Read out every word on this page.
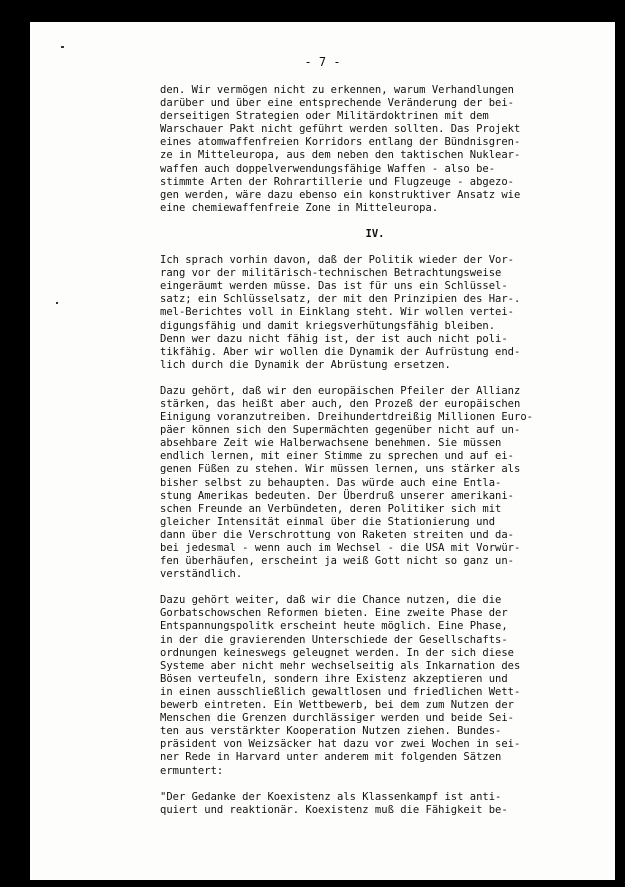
- 7 -
den. Wir vermögen nicht zu erkennen, warum Verhandlungen
darüber und über eine entsprechende Veränderung der bei-
derseitigen Strategien oder Militärdoktrinen mit dem
Warschauer Pakt nicht geführt werden sollten. Das Projekt
eines atomwaffenfreien Korridors entlang der Bündnisgren-
ze in Mitteleuropa, aus dem neben den taktischen Nuklear-
waffen auch doppelverwendungsfähige Waffen - also be-
stimmte Arten der Rohrartillerie und Flugzeuge - abgezo-
gen werden, wäre dazu ebenso ein konstruktiver Ansatz wie
eine chemiewaffenfreie Zone in Mitteleuropa.
IV.
Ich sprach vorhin davon, daß der Politik wieder der Vor-
rang vor der militärisch-technischen Betrachtungsweise
eingeräumt werden müsse. Das ist für uns ein Schlüssel-
satz; ein Schlüsselsatz, der mit den Prinzipien des Har-.
mel-Berichtes voll in Einklang steht. Wir wollen vertei-
digungsfähig und damit kriegsverhütungsfähig bleiben.
Denn wer dazu nicht fähig ist, der ist auch nicht poli-
tikfähig. Aber wir wollen die Dynamik der Aufrüstung end-
lich durch die Dynamik der Abrüstung ersetzen.
Dazu gehört, daß wir den europäischen Pfeiler der Allianz
stärken, das heißt aber auch, den Prozeß der europäischen
Einigung voranzutreiben. Dreihundertdreißig Millionen Euro-
päer können sich den Supermächten gegenüber nicht auf un-
absehbare Zeit wie Halberwachsene benehmen. Sie müssen
endlich lernen, mit einer Stimme zu sprechen und auf ei-
genen Füßen zu stehen. Wir müssen lernen, uns stärker als
bisher selbst zu behaupten. Das würde auch eine Entla-
stung Amerikas bedeuten. Der Überdruß unserer amerikani-
schen Freunde an Verbündeten, deren Politiker sich mit
gleicher Intensität einmal über die Stationierung und
dann über die Verschrottung von Raketen streiten und da-
bei jedesmal - wenn auch im Wechsel - die USA mit Vorwür-
fen überhäufen, erscheint ja weiß Gott nicht so ganz un-
verständlich.
Dazu gehört weiter, daß wir die Chance nutzen, die die
Gorbatschowschen Reformen bieten. Eine zweite Phase der
Entspannungspolitk erscheint heute möglich. Eine Phase,
in der die gravierenden Unterschiede der Gesellschafts-
ordnungen keineswegs geleugnet werden. In der sich diese
Systeme aber nicht mehr wechselseitig als Inkarnation des
Bösen verteufeln, sondern ihre Existenz akzeptieren und
in einen ausschließlich gewaltlosen und friedlichen Wett-
bewerb eintreten. Ein Wettbewerb, bei dem zum Nutzen der
Menschen die Grenzen durchlässiger werden und beide Sei-
ten aus verstärkter Kooperation Nutzen ziehen. Bundes-
präsident von Weizsäcker hat dazu vor zwei Wochen in sei-
ner Rede in Harvard unter anderem mit folgenden Sätzen
ermuntert:
"Der Gedanke der Koexistenz als Klassenkampf ist anti-
quiert und reaktionär. Koexistenz muß die Fähigkeit be-
